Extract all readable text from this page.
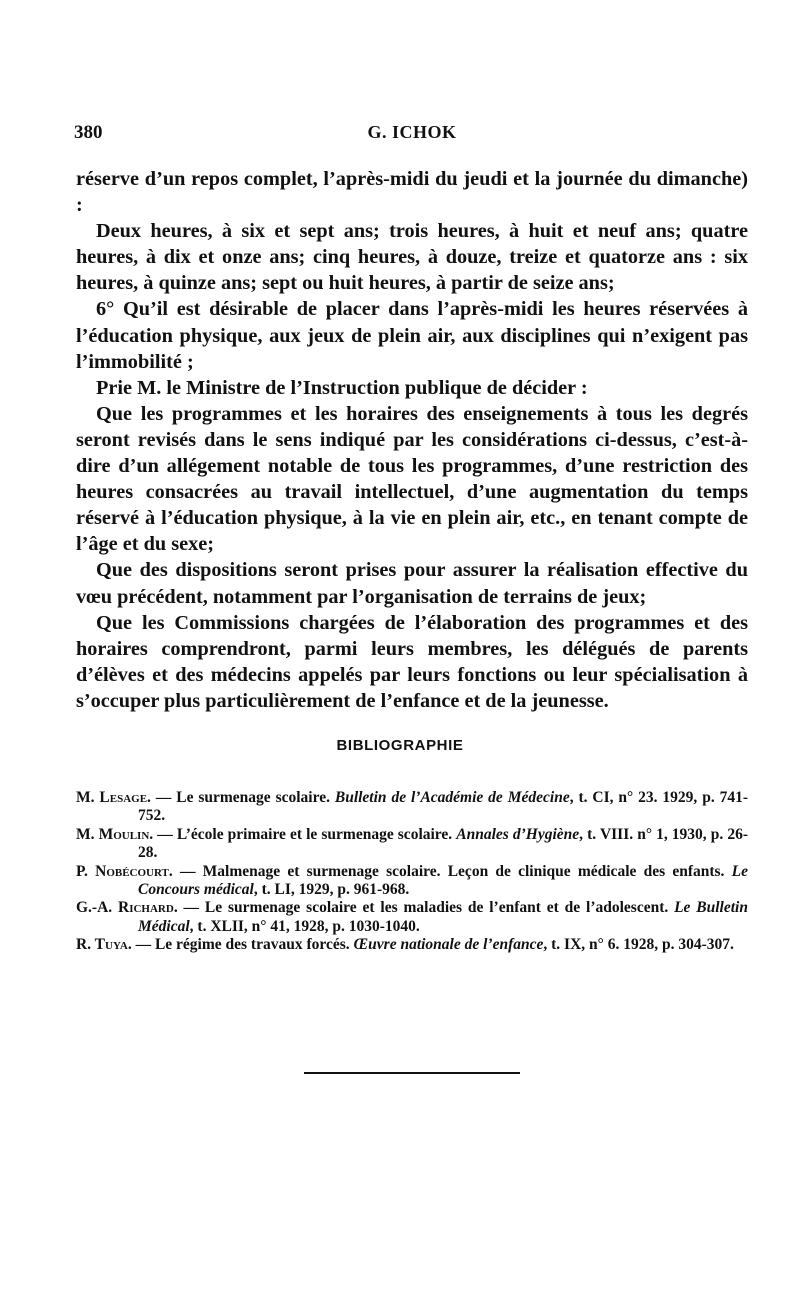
380	G. ICHOK

réserve d’un repos complet, l’après-midi du jeudi et la journée du dimanche) :

Deux heures, à six et sept ans; trois heures, à huit et neuf ans; quatre heures, à dix et onze ans; cinq heures, à douze, treize et quatorze ans : six heures, à quinze ans; sept ou huit heures, à partir de seize ans;

6° Qu’il est désirable de placer dans l’après-midi les heures réservées à l’éducation physique, aux jeux de plein air, aux disciplines qui n’exigent pas l’immobilité ;

Prie M. le Ministre de l’Instruction publique de décider :

Que les programmes et les horaires des enseignements à tous les degrés seront revisés dans le sens indiqué par les considérations ci-dessus, c’est-à-dire d’un allégement notable de tous les programmes, d’une restriction des heures consacrées au travail intellectuel, d’une augmentation du temps réservé à l’éducation physique, à la vie en plein air, etc., en tenant compte de l’âge et du sexe;

Que des dispositions seront prises pour assurer la réalisation effective du vœu précédent, notamment par l’organisation de terrains de jeux;

Que les Commissions chargées de l’élaboration des programmes et des horaires comprendront, parmi leurs membres, les délégués de parents d’élèves et des médecins appelés par leurs fonctions ou leur spécialisation à s’occuper plus particulièrement de l’enfance et de la jeunesse.

BIBLIOGRAPHIE
M. Lesage. — Le surmenage scolaire. Bulletin de l’Académie de Médecine, t. CI, n° 23. 1929, p. 741-752.
M. Moulin. — L’école primaire et le surmenage scolaire. Annales d’Hygiène, t. VIII. n° 1, 1930, p. 26-28.
P. Nobécourt. — Malmenage et surmenage scolaire. Leçon de clinique médicale des enfants. Le Concours médical, t. LI, 1929, p. 961-968.
G.-A. Richard. — Le surmenage scolaire et les maladies de l’enfant et de l’adolescent. Le Bulletin Médical, t. XLII, n° 41, 1928, p. 1030-1040.
R. Tuya. — Le régime des travaux forcés. Œuvre nationale de l’enfance, t. IX, n° 6. 1928, p. 304-307.
